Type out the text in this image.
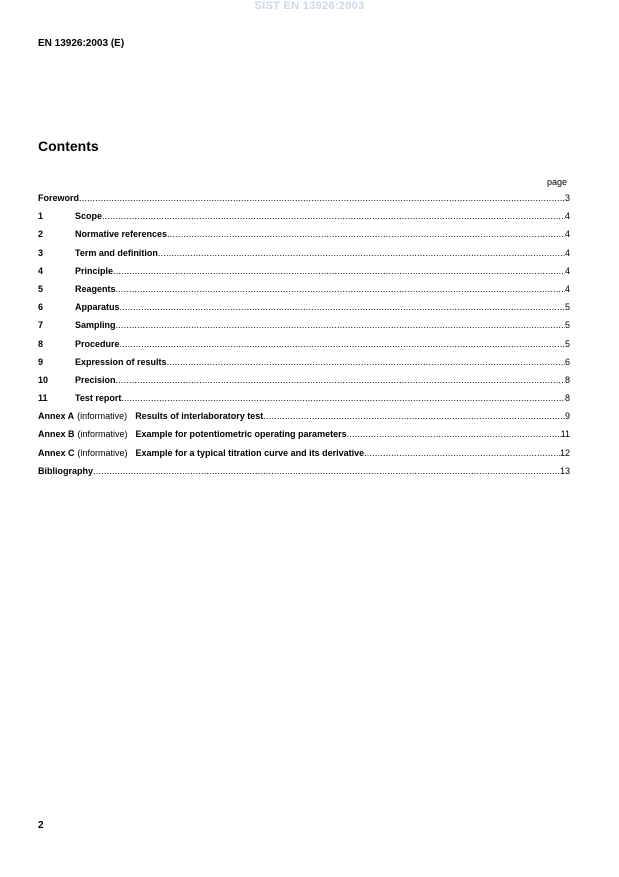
SIST EN 13926:2003
EN 13926:2003 (E)
Contents
page
Foreword .....	3
1	Scope .....	4
2	Normative references .....	4
3	Term and definition .....	4
4	Principle .....	4
5	Reagents .....	4
6	Apparatus .....	5
7	Sampling .....	5
8	Procedure .....	5
9	Expression of results .....	6
10	Precision .....	8
11	Test report .....	8
Annex A (informative) Results of interlaboratory test .....	9
Annex B (informative) Example for potentiometric operating parameters .....	11
Annex C (informative) Example for a typical titration curve and its derivative .....	12
Bibliography .....	13
2
